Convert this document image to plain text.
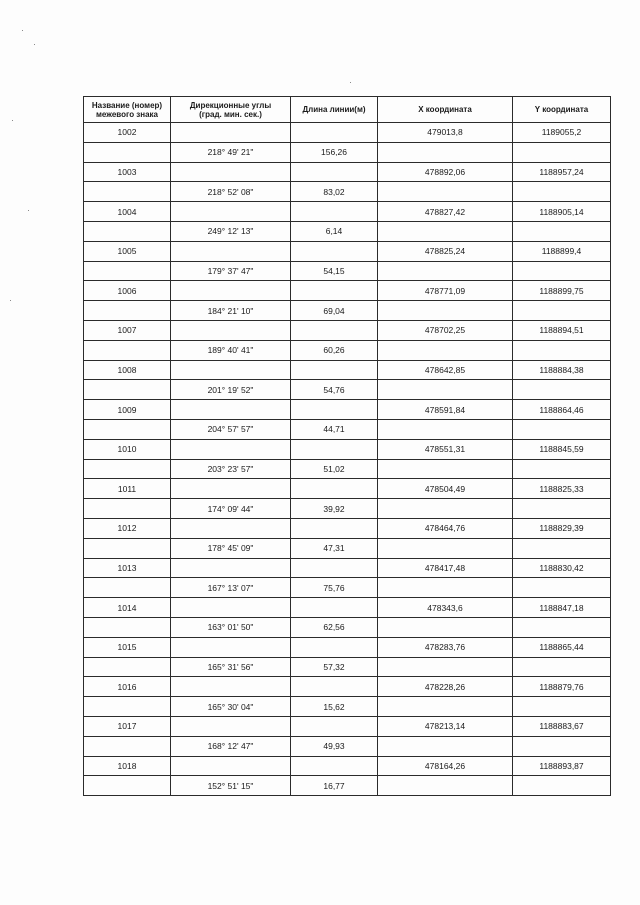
Название (номер)
межевого знака	Дирекционные углы
(град. мин. сек.)	Длина линии(м)	X координата	Y координата
1002			479013,8	1189055,2
	218° 49' 21"	156,26		
1003			478892,06	1188957,24
	218° 52' 08"	83,02		
1004			478827,42	1188905,14
	249° 12' 13"	6,14		
1005			478825,24	1188899,4
	179° 37' 47"	54,15		
1006			478771,09	1188899,75
	184° 21' 10"	69,04		
1007			478702,25	1188894,51
	189° 40' 41"	60,26		
1008			478642,85	1188884,38
	201° 19' 52"	54,76		
1009			478591,84	1188864,46
	204° 57' 57"	44,71		
1010			478551,31	1188845,59
	203° 23' 57"	51,02		
1011			478504,49	1188825,33
	174° 09' 44"	39,92		
1012			478464,76	1188829,39
	178° 45' 09"	47,31		
1013			478417,48	1188830,42
	167° 13' 07"	75,76		
1014			478343,6	1188847,18
	163° 01' 50"	62,56		
1015			478283,76	1188865,44
	165° 31' 56"	57,32		
1016			478228,26	1188879,76
	165° 30' 04"	15,62		
1017			478213,14	1188883,67
	168° 12' 47"	49,93		
1018			478164,26	1188893,87
	152° 51' 15"	16,77		
